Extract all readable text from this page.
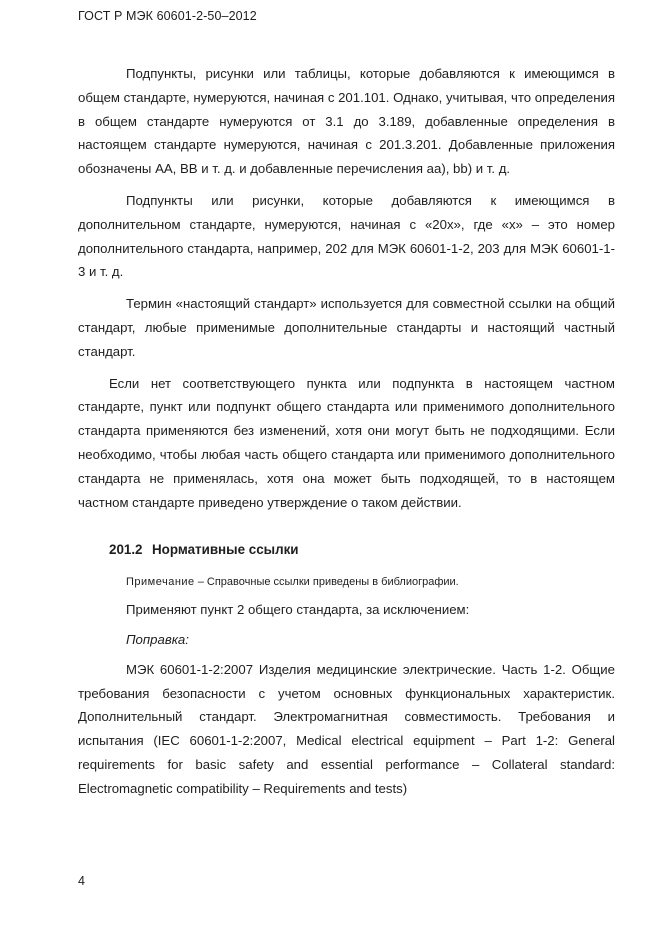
ГОСТ Р МЭК 60601-2-50–2012

Подпункты, рисунки или таблицы, которые добавляются к имеющимся в общем стандарте, нумеруются, начиная с 201.101. Однако, учитывая, что определения в общем стандарте нумеруются от 3.1 до 3.189, добавленные определения в настоящем стандарте нумеруются, начиная с 201.3.201. Добавленные приложения обозначены АА, ВВ и т. д. и добавленные перечисления aa), bb) и т. д.

Подпункты или рисунки, которые добавляются к имеющимся в дополнительном стандарте, нумеруются, начиная с «20x», где «x» – это номер дополнительного стандарта, например, 202 для МЭК 60601-1-2, 203 для МЭК 60601-1-3 и т. д.

Термин «настоящий стандарт» используется для совместной ссылки на общий стандарт, любые применимые дополнительные стандарты и настоящий частный стандарт.

Если нет соответствующего пункта или подпункта в настоящем частном стандарте, пункт или подпункт общего стандарта или применимого дополнительного стандарта применяются без изменений, хотя они могут быть не подходящими. Если необходимо, чтобы любая часть общего стандарта или применимого дополнительного стандарта не применялась, хотя она может быть подходящей, то в настоящем частном стандарте приведено утверждение о таком действии.

201.2 Нормативные ссылки
Примечание – Справочные ссылки приведены в библиографии.
Применяют пункт 2 общего стандарта, за исключением:
Поправка:

МЭК 60601-1-2:2007 Изделия медицинские электрические. Часть 1-2. Общие требования безопасности с учетом основных функциональных характеристик. Дополнительный стандарт. Электромагнитная совместимость. Требования и испытания (IEC 60601-1-2:2007, Medical electrical equipment – Part 1-2: General requirements for basic safety and essential performance – Collateral standard: Electromagnetic compatibility – Requirements and tests)

4
